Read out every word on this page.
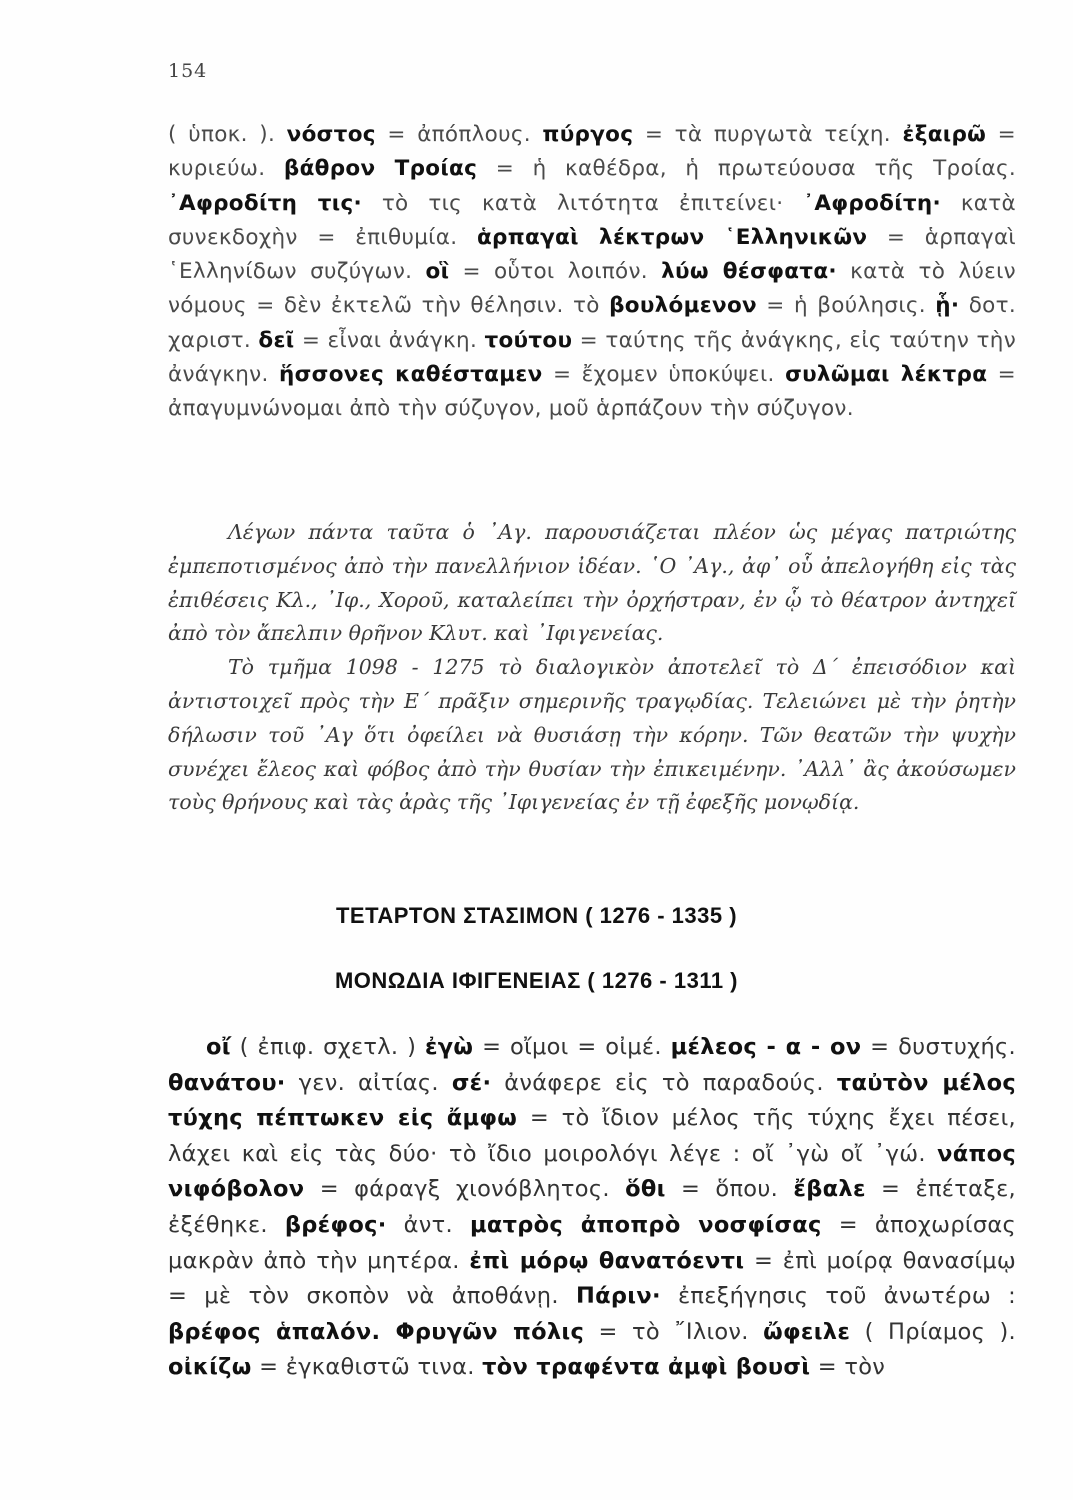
154

( ὑποκ. ). νόστος = ἀπόπλους. πύργος = τὰ πυργωτὰ τείχη. ἐξαιρῶ = κυριεύω. βάθρον Τροίας = ἡ καθέδρα, ἡ πρωτεύουσα τῆς Τροίας. ᾽Αφροδίτη τις· τὸ τις κατὰ λιτότητα ἐπιτείνει· ᾽Αφροδίτη· κατὰ συνεκδοχὴν = ἐπιθυμία. ἁρπαγαὶ λέκτρων ῾Ελληνικῶν = ἁρπαγαὶ ῾Ελληνίδων συζύγων. οἳ = οὗτοι λοιπόν. λύω θέσφατα· κατὰ τὸ λύειν νόμους = δὲν ἐκτελῶ τὴν θέλησιν. τὸ βουλόμενον = ἡ βούλησις. ᾗ· δοτ. χαριστ. δεῖ = εἶναι ἀνάγκη. τούτου = ταύτης τῆς ἀνάγκης, εἰς ταύτην τὴν ἀνάγκην. ἥσσονες καθέσταμεν = ἔχομεν ὑποκύψει. συλῶμαι λέκτρα = ἀπαγυμνώνομαι ἀπὸ τὴν σύζυγον, μοῦ ἁρπάζουν τὴν σύζυγον.

Λέγων πάντα ταῦτα ὁ ᾽Αγ. παρουσιάζεται πλέον ὡς μέγας πατριώτης ἐμπεποτισμένος ἀπὸ τὴν πανελλήνιον ἰδέαν. ῾Ο ᾽Αγ., ἀφ᾽ οὗ ἀπελογήθη εἰς τὰς ἐπιθέσεις Κλ., ᾽Ιφ., Χοροῦ, καταλείπει τὴν ὀρχήστραν, ἐν ᾧ τὸ θέατρον ἀντηχεῖ ἀπὸ τὸν ἄπελπιν θρῆνον Κλυτ. καὶ ᾽Ιφιγενείας.

Τὸ τμῆμα 1098 - 1275 τὸ διαλογικὸν ἀποτελεῖ τὸ Δ΄ ἐπεισόδιον καὶ ἀντιστοιχεῖ πρὸς τὴν Ε΄ πρᾶξιν σημερινῆς τραγῳδίας. Τελειώνει μὲ τὴν ῥητὴν δήλωσιν τοῦ ᾽Αγ ὅτι ὀφείλει νὰ θυσιάσῃ τὴν κόρην. Τῶν θεατῶν τὴν ψυχὴν συνέχει ἔλεος καὶ φόβος ἀπὸ τὴν θυσίαν τὴν ἐπικειμένην. ᾽Αλλ᾽ ἂς ἀκούσωμεν τοὺς θρήνους καὶ τὰς ἀρὰς τῆς ᾽Ιφιγενείας ἐν τῇ ἐφεξῆς μονῳδίᾳ.

ΤΕΤΑΡΤΟΝ ΣΤΑΣΙΜΟΝ ( 1276 - 1335 )
ΜΟΝΩΔΙΑ ΙΦΙΓΕΝΕΙΑΣ ( 1276 - 1311 )

οἴ ( ἐπιφ. σχετλ. ) ἐγὼ = οἴμοι = οἰμέ. μέλεος - α - ον = δυστυχής. θανάτου· γεν. αἰτίας. σέ· ἀνάφερε εἰς τὸ παραδούς. ταὐτὸν μέλος τύχης πέπτωκεν εἰς ἄμφω = τὸ ἴδιον μέλος τῆς τύχης ἔχει πέσει, λάχει καὶ εἰς τὰς δύο· τὸ ἴδιο μοιρολόγι λέγε : οἴ ᾽γὼ οἴ ᾽γώ. νάπος νιφόβολον = φάραγξ χιονόβλητος. ὅθι = ὅπου. ἔβαλε = ἐπέταξε, ἐξέθηκε. βρέφος· ἀντ. ματρὸς ἀποπρὸ νοσφίσας = ἀποχωρίσας μακρὰν ἀπὸ τὴν μητέρα. ἐπὶ μόρῳ θανατόεντι = ἐπὶ μοίρᾳ θανασίμῳ = μὲ τὸν σκοπὸν νὰ ἀποθάνῃ. Πάριν· ἐπεξήγησις τοῦ ἀνωτέρω : βρέφος ἁπαλόν. Φρυγῶν πόλις = τὸ ῎Ιλιον. ὤφειλε ( Πρίαμος ). οἰκίζω = ἐγκαθιστῶ τινα. τὸν τραφέντα ἀμφὶ βουσὶ = τὸν
